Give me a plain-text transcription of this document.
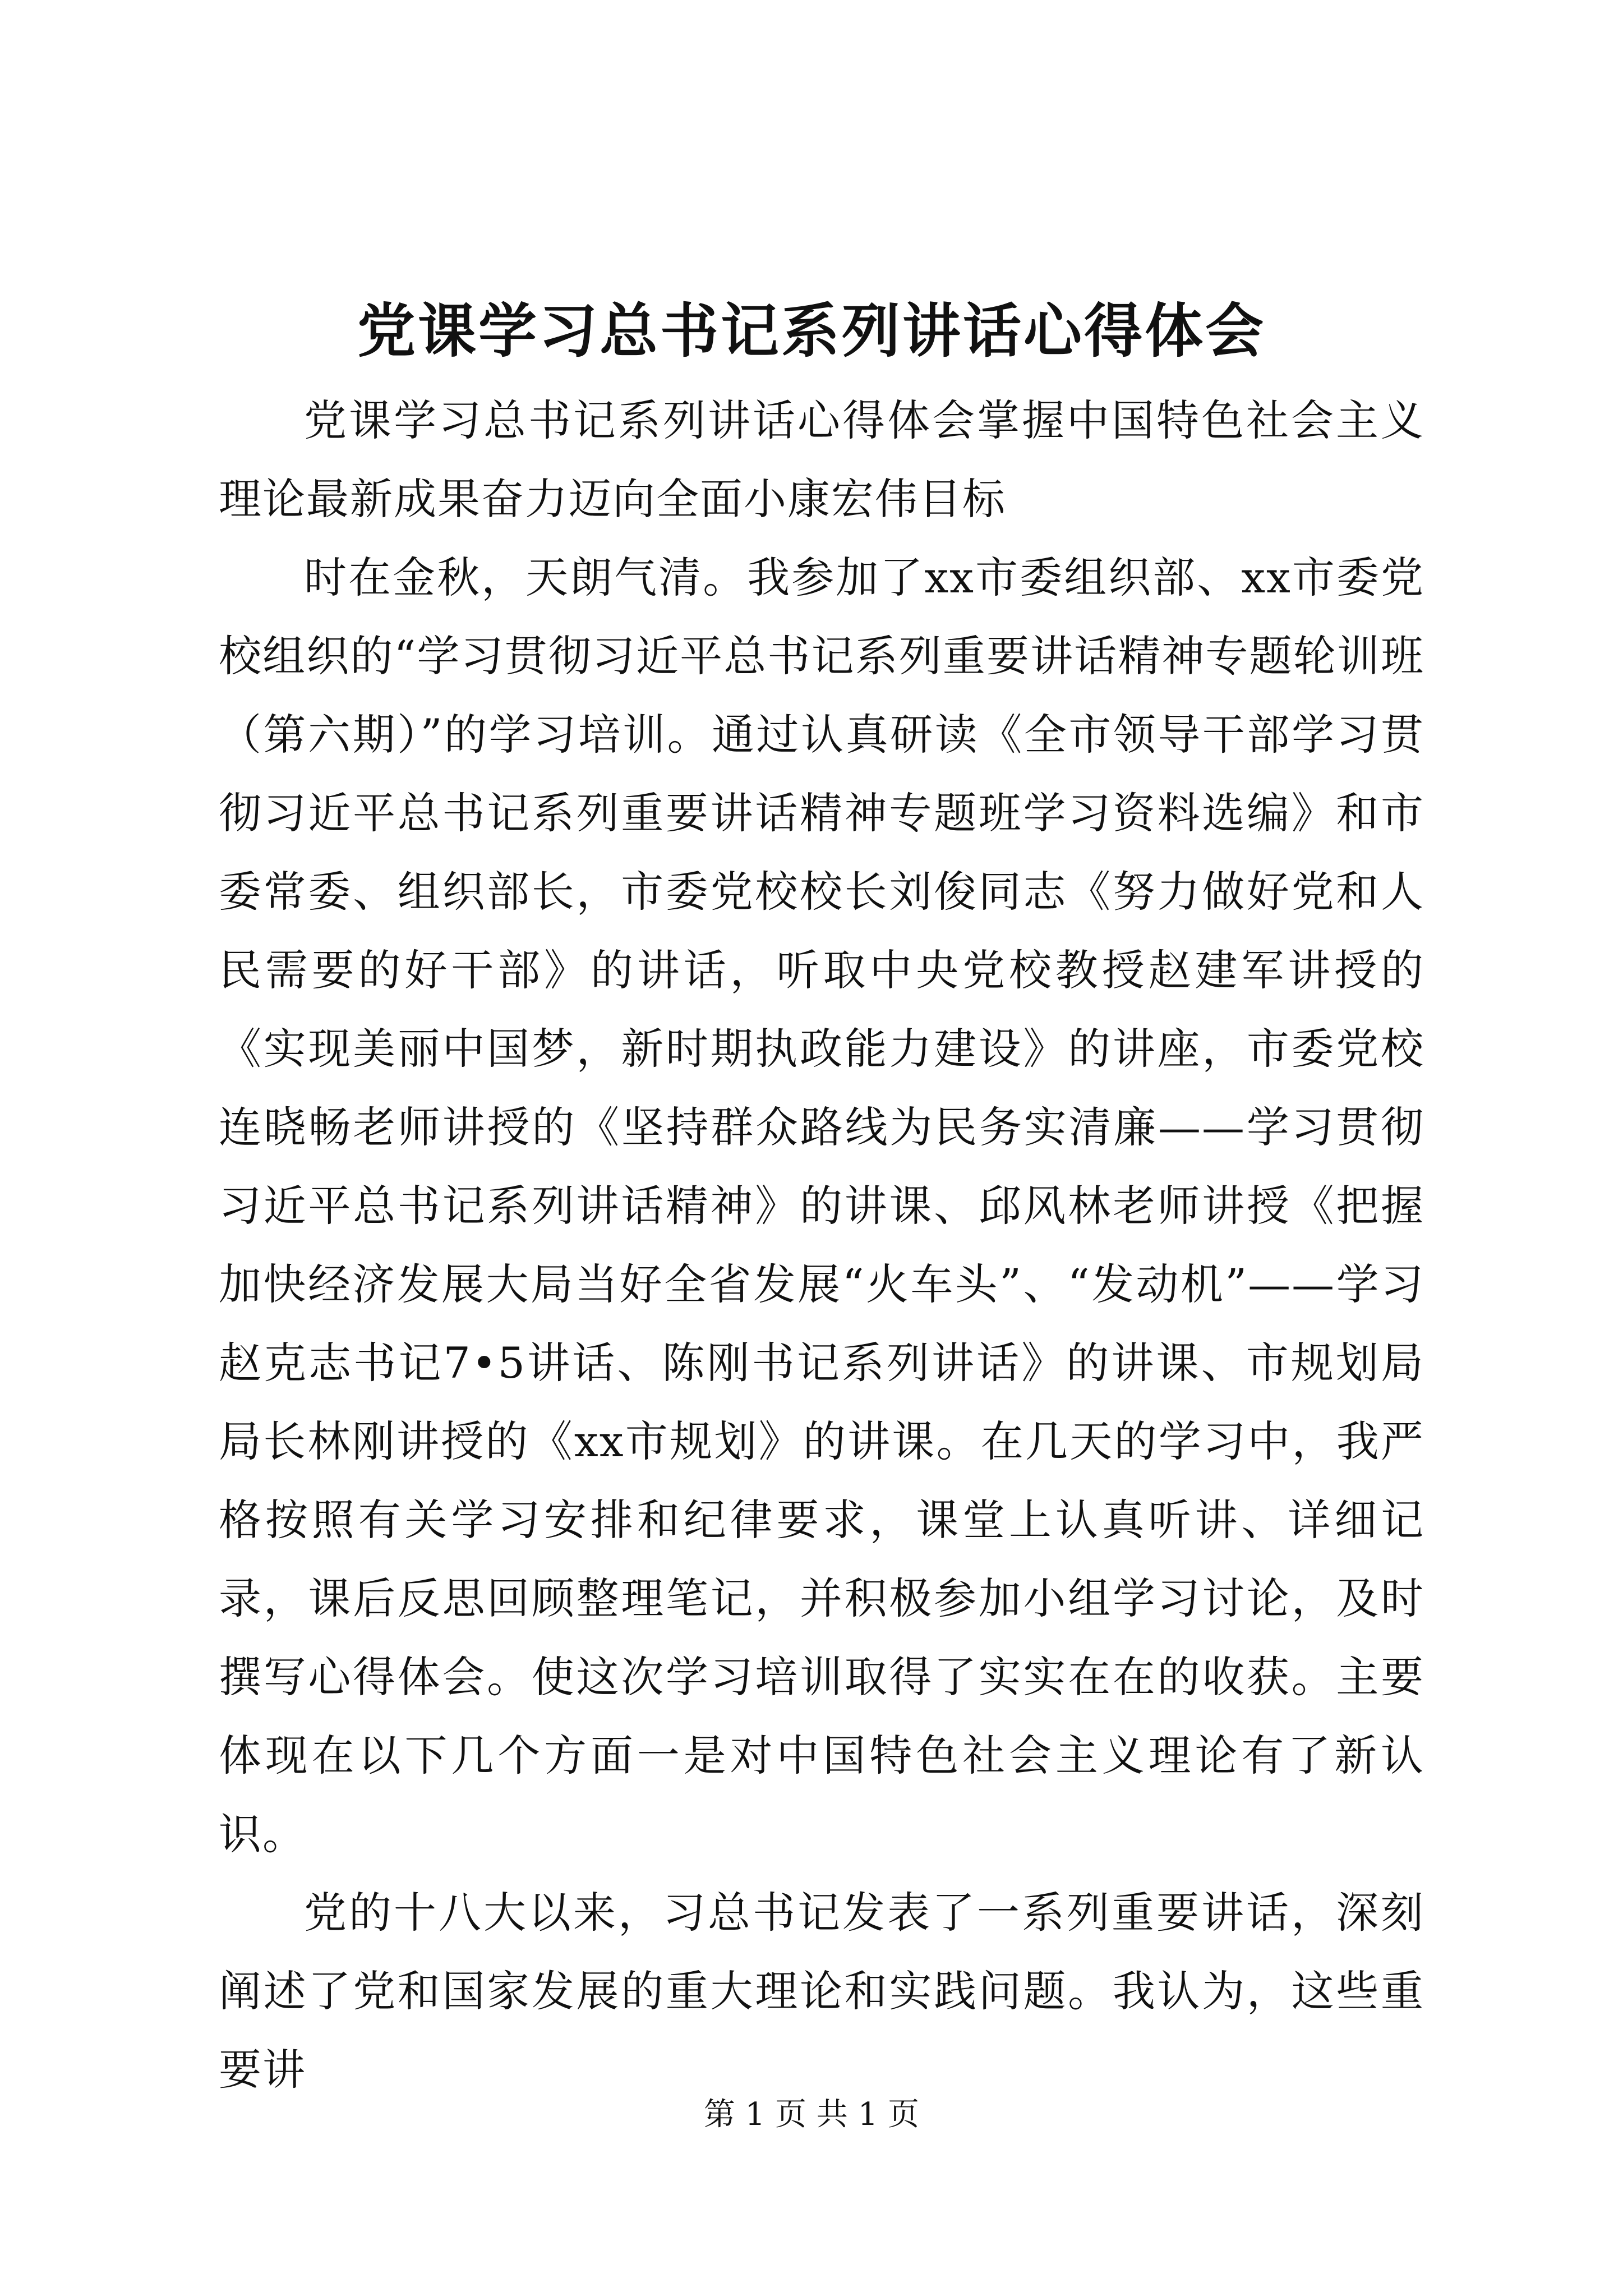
党课学习总书记系列讲话心得体会

党课学习总书记系列讲话心得体会掌握中国特色社会主义理论最新成果奋力迈向全面小康宏伟目标

时在金秋，天朗气清。我参加了xx市委组织部、xx市委党校组织的“学习贯彻习近平总书记系列重要讲话精神专题轮训班（第六期）”的学习培训。通过认真研读《全市领导干部学习贯彻习近平总书记系列重要讲话精神专题班学习资料选编》和市委常委、组织部长，市委党校校长刘俊同志《努力做好党和人民需要的好干部》的讲话，听取中央党校教授赵建军讲授的《实现美丽中国梦，新时期执政能力建设》的讲座，市委党校连晓畅老师讲授的《坚持群众路线为民务实清廉——学习贯彻习近平总书记系列讲话精神》的讲课、邱风林老师讲授《把握加快经济发展大局当好全省发展“火车头”、“发动机”——学习赵克志书记7•5讲话、陈刚书记系列讲话》的讲课、市规划局局长林刚讲授的《xx市规划》的讲课。在几天的学习中，我严格按照有关学习安排和纪律要求，课堂上认真听讲、详细记录，课后反思回顾整理笔记，并积极参加小组学习讨论，及时撰写心得体会。使这次学习培训取得了实实在在的收获。主要体现在以下几个方面一是对中国特色社会主义理论有了新认识。

党的十八大以来，习总书记发表了一系列重要讲话，深刻阐述了党和国家发展的重大理论和实践问题。我认为，这些重要讲

第 1 页 共 1 页
